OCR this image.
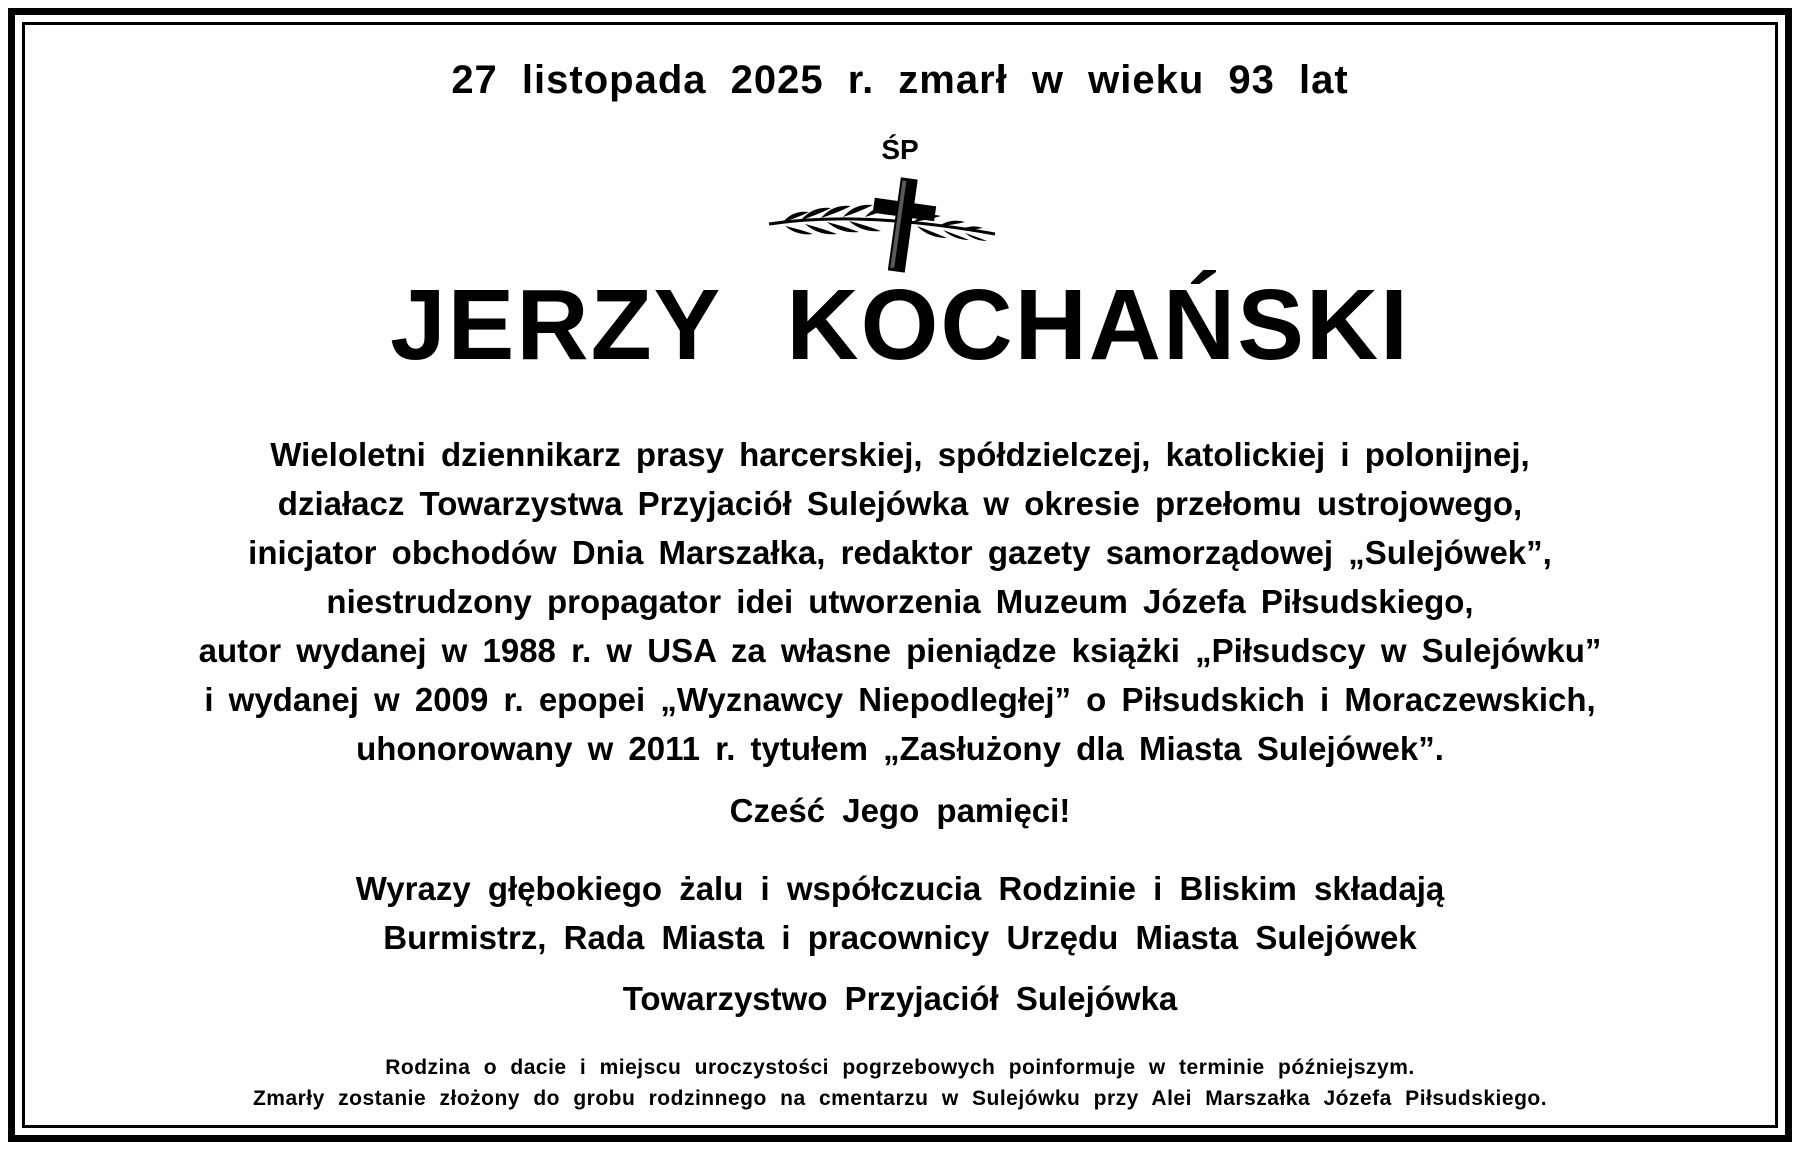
27 listopada 2025 r. zmarł w wieku 93 lat
ŚP
JERZY KOCHAŃSKI
Wieloletni dziennikarz prasy harcerskiej, spółdzielczej, katolickiej i polonijnej,
działacz Towarzystwa Przyjaciół Sulejówka w okresie przełomu ustrojowego,
inicjator obchodów Dnia Marszałka, redaktor gazety samorządowej „Sulejówek”,
niestrudzony propagator idei utworzenia Muzeum Józefa Piłsudskiego,
autor wydanej w 1988 r. w USA za własne pieniądze książki „Piłsudscy w Sulejówku”
i wydanej w 2009 r. epopei „Wyznawcy Niepodległej” o Piłsudskich i Moraczewskich,
uhonorowany w 2011 r. tytułem „Zasłużony dla Miasta Sulejówek”.
Cześć Jego pamięci!
Wyrazy głębokiego żalu i współczucia Rodzinie i Bliskim składają
Burmistrz, Rada Miasta i pracownicy Urzędu Miasta Sulejówek
Towarzystwo Przyjaciół Sulejówka
Rodzina o dacie i miejscu uroczystości pogrzebowych poinformuje w terminie późniejszym.
Zmarły zostanie złożony do grobu rodzinnego na cmentarzu w Sulejówku przy Alei Marszałka Józefa Piłsudskiego.
